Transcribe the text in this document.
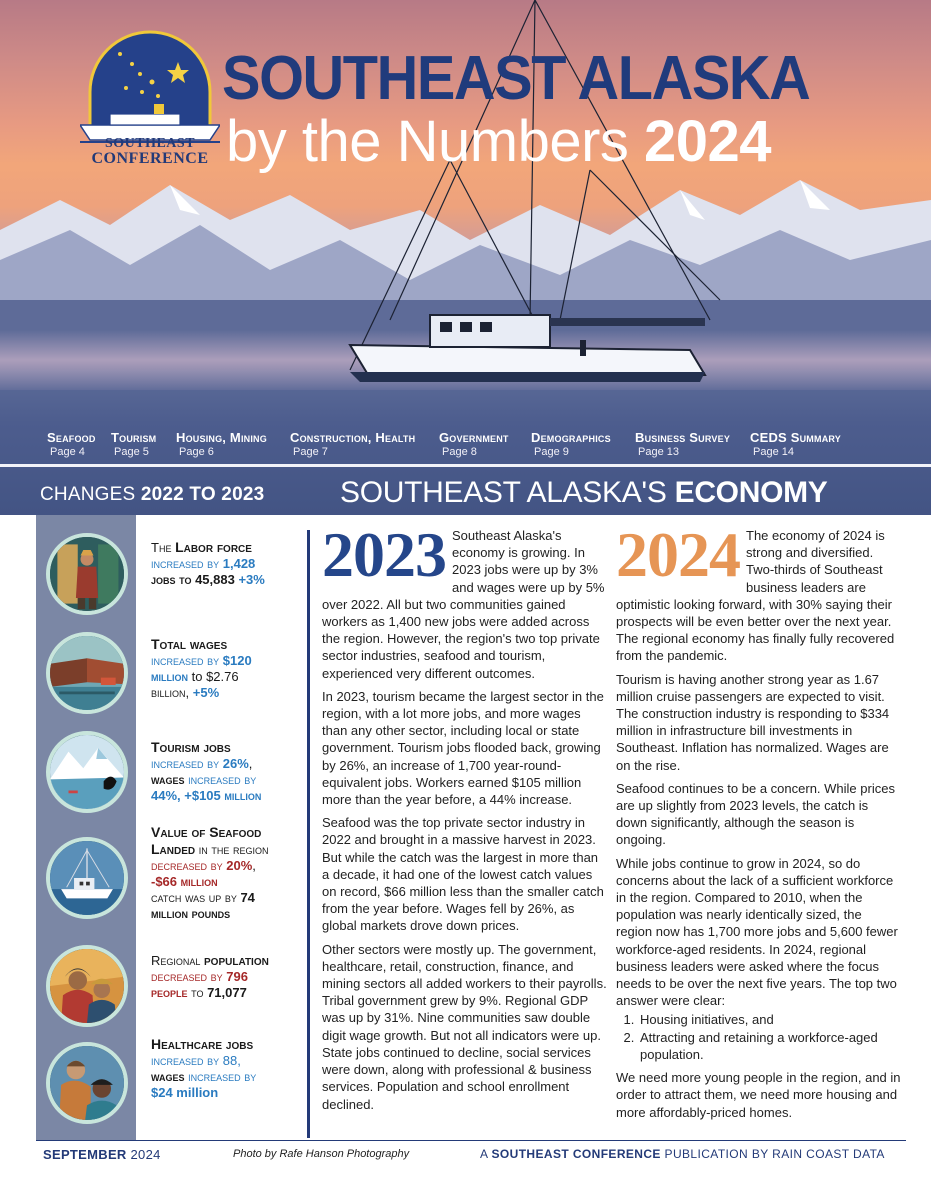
SOUTHEAST
CONFERENCE
SOUTHEAST ALASKA
by the Numbers 2024
Seafood
Page 4
Tourism
Page 5
Housing, Mining
Page 6
Construction, Health
Page 7
Government
Page 8
Demographics
Page 9
Business Survey
Page 13
CEDS Summary
Page 14
CHANGES 2022 TO 2023	SOUTHEAST ALASKA'S ECONOMY
The Labor force
increased by 1,428
jobs to 45,883 +3%
Total wages
increased by $120
million to $2.76
billion, +5%
Tourism jobs
increased by 26%,
wages increased by
44%, +$105 million
Value of Seafood
Landed in the region
decreased by 20%,
-$66 million
catch was up by 74
million pounds
Regional population
decreased by 796
people to 71,077
Healthcare jobs
increased by 88,
wages increased by
$24 million
2023 Southeast Alaska's economy is growing. In 2023 jobs were up by 3% and wages were up by 5% over 2022. All but two communities gained workers as 1,400 new jobs were added across the region. However, the region's two top private sector industries, seafood and tourism, experienced very different outcomes.

In 2023, tourism became the largest sector in the region, with a lot more jobs, and more wages than any other sector, including local or state government. Tourism jobs flooded back, growing by 26%, an increase of 1,700 year-round-equivalent jobs. Workers earned $105 million more than the year before, a 44% increase.

Seafood was the top private sector industry in 2022 and brought in a massive harvest in 2023. But while the catch was the largest in more than a decade, it had one of the lowest catch values on record, $66 million less than the smaller catch from the year before. Wages fell by 26%, as global markets drove down prices.

Other sectors were mostly up. The government, healthcare, retail, construction, finance, and mining sectors all added workers to their payrolls. Tribal government grew by 9%. Regional GDP was up by 31%. Nine communities saw double digit wage growth. But not all indicators were up. State jobs continued to decline, social services were down, along with professional & business services. Population and school enrollment declined.

2024 The economy of 2024 is strong and diversified. Two-thirds of Southeast business leaders are optimistic looking forward, with 30% saying their prospects will be even better over the next year. The regional economy has finally fully recovered from the pandemic.

Tourism is having another strong year as 1.67 million cruise passengers are expected to visit. The construction industry is responding to $334 million in infrastructure bill investments in Southeast. Inflation has normalized. Wages are on the rise.

Seafood continues to be a concern. While prices are up slightly from 2023 levels, the catch is down significantly, although the season is ongoing.

While jobs continue to grow in 2024, so do concerns about the lack of a sufficient workforce in the region. Compared to 2010, when the population was nearly identically sized, the region now has 1,700 more jobs and 5,600 fewer workforce-aged residents. In 2024, regional business leaders were asked where the focus needs to be over the next five years. The top two answer were clear:

1. Housing initiatives, and
2. Attracting and retaining a workforce-aged population.

We need more young people in the region, and in order to attract them, we need more housing and more affordably-priced homes.

SEPTEMBER 2024	Photo by Rafe Hanson Photography	A SOUTHEAST CONFERENCE PUBLICATION BY RAIN COAST DATA
